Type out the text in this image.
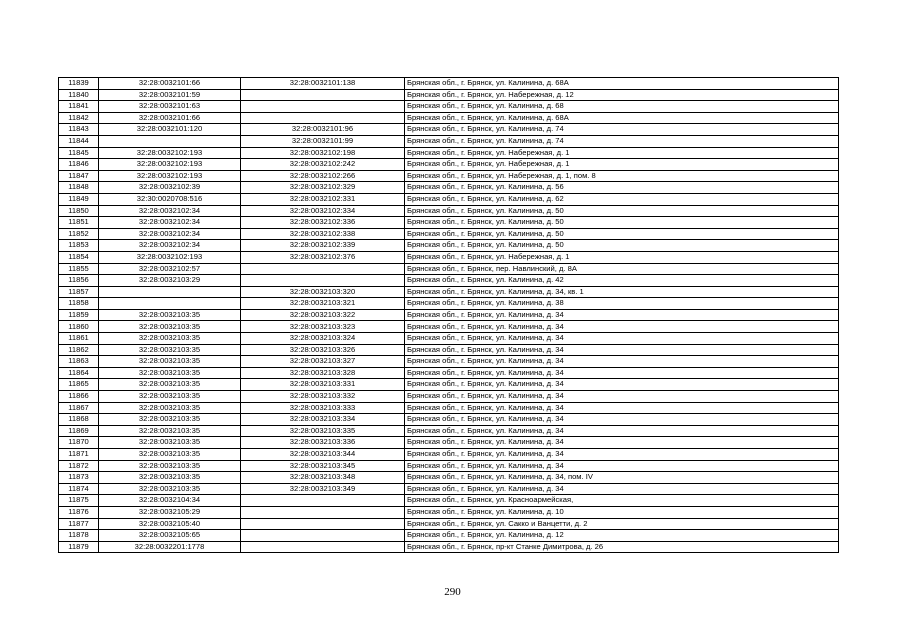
11839	32:28:0032101:66	32:28:0032101:138	Брянская обл., г. Брянск, ул. Калинина, д. 68А
11840	32:28:0032101:59		Брянская обл., г. Брянск, ул. Набережная, д. 12
11841	32:28:0032101:63		Брянская обл., г. Брянск, ул. Калинина, д. 68
11842	32:28:0032101:66		Брянская обл., г. Брянск, ул. Калинина, д. 68А
11843	32:28:0032101:120	32:28:0032101:96	Брянская обл., г. Брянск, ул. Калинина, д. 74
11844		32:28:0032101:99	Брянская обл., г. Брянск, ул. Калинина, д. 74
11845	32:28:0032102:193	32:28:0032102:198	Брянская обл., г. Брянск, ул. Набережная, д. 1
11846	32:28:0032102:193	32:28:0032102:242	Брянская обл., г. Брянск, ул. Набережная, д. 1
11847	32:28:0032102:193	32:28:0032102:266	Брянская обл., г. Брянск, ул. Набережная, д. 1, пом. 8
11848	32:28:0032102:39	32:28:0032102:329	Брянская обл., г. Брянск, ул. Калинина, д. 56
11849	32:30:0020708:516	32:28:0032102:331	Брянская обл., г. Брянск, ул. Калинина, д. 62
11850	32:28:0032102:34	32:28:0032102:334	Брянская обл., г. Брянск, ул. Калинина, д. 50
11851	32:28:0032102:34	32:28:0032102:336	Брянская обл., г. Брянск, ул. Калинина, д. 50
11852	32:28:0032102:34	32:28:0032102:338	Брянская обл., г. Брянск, ул. Калинина, д. 50
11853	32:28:0032102:34	32:28:0032102:339	Брянская обл., г. Брянск, ул. Калинина, д. 50
11854	32:28:0032102:193	32:28:0032102:376	Брянская обл., г. Брянск, ул. Набережная, д. 1
11855	32:28:0032102:57		Брянская обл., г. Брянск, пер. Навлинский, д. 8А
11856	32:28:0032103:29		Брянская обл., г. Брянск, ул. Калинина, д. 42
11857		32:28:0032103:320	Брянская обл., г. Брянск, ул. Калинина, д. 34, кв. 1
11858		32:28:0032103:321	Брянская обл., г. Брянск, ул. Калинина, д. 38
11859	32:28:0032103:35	32:28:0032103:322	Брянская обл., г. Брянск, ул. Калинина, д. 34
11860	32:28:0032103:35	32:28:0032103:323	Брянская обл., г. Брянск, ул. Калинина, д. 34
11861	32:28:0032103:35	32:28:0032103:324	Брянская обл., г. Брянск, ул. Калинина, д. 34
11862	32:28:0032103:35	32:28:0032103:326	Брянская обл., г. Брянск, ул. Калинина, д. 34
11863	32:28:0032103:35	32:28:0032103:327	Брянская обл., г. Брянск, ул. Калинина, д. 34
11864	32:28:0032103:35	32:28:0032103:328	Брянская обл., г. Брянск, ул. Калинина, д. 34
11865	32:28:0032103:35	32:28:0032103:331	Брянская обл., г. Брянск, ул. Калинина, д. 34
11866	32:28:0032103:35	32:28:0032103:332	Брянская обл., г. Брянск, ул. Калинина, д. 34
11867	32:28:0032103:35	32:28:0032103:333	Брянская обл., г. Брянск, ул. Калинина, д. 34
11868	32:28:0032103:35	32:28:0032103:334	Брянская обл., г. Брянск, ул. Калинина, д. 34
11869	32:28:0032103:35	32:28:0032103:335	Брянская обл., г. Брянск, ул. Калинина, д. 34
11870	32:28:0032103:35	32:28:0032103:336	Брянская обл., г. Брянск, ул. Калинина, д. 34
11871	32:28:0032103:35	32:28:0032103:344	Брянская обл., г. Брянск, ул. Калинина, д. 34
11872	32:28:0032103:35	32:28:0032103:345	Брянская обл., г. Брянск, ул. Калинина, д. 34
11873	32:28:0032103:35	32:28:0032103:348	Брянская обл., г. Брянск, ул. Калинина, д. 34, пом. IV
11874	32:28:0032103:35	32:28:0032103:349	Брянская обл., г. Брянск, ул. Калинина, д. 34
11875	32:28:0032104:34		Брянская обл., г. Брянск, ул. Красноармейская,
11876	32:28:0032105:29		Брянская обл., г. Брянск, ул. Калинина, д. 10
11877	32:28:0032105:40		Брянская обл., г. Брянск, ул. Сакко и Ванцетти, д. 2
11878	32:28:0032105:65		Брянская обл., г. Брянск, ул. Калинина, д. 12
11879	32:28:0032201:1778		Брянская обл., г. Брянск, пр-кт Станке Димитрова, д. 26
290
